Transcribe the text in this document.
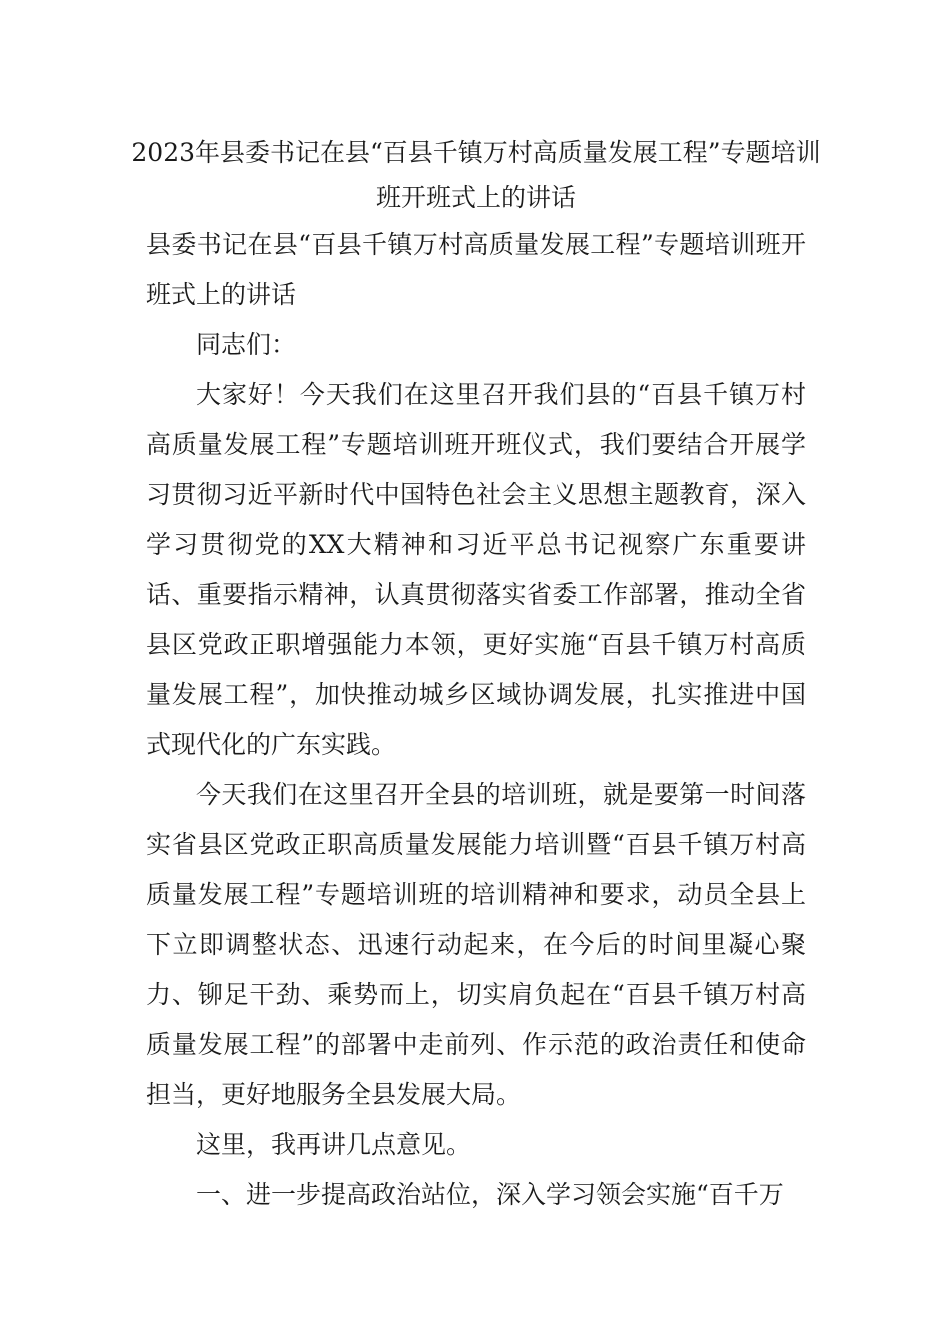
2023年县委书记在县“百县千镇万村高质量发展工程”专题培训班开班式上的讲话

县委书记在县“百县千镇万村高质量发展工程”专题培训班开班式上的讲话

同志们：

大家好！今天我们在这里召开我们县的“百县千镇万村高质量发展工程”专题培训班开班仪式，我们要结合开展学习贯彻习近平新时代中国特色社会主义思想主题教育，深入学习贯彻党的XX大精神和习近平总书记视察广东重要讲话、重要指示精神，认真贯彻落实省委工作部署，推动全省县区党政正职增强能力本领，更好实施“百县千镇万村高质量发展工程”，加快推动城乡区域协调发展，扎实推进中国式现代化的广东实践。

今天我们在这里召开全县的培训班，就是要第一时间落实省县区党政正职高质量发展能力培训暨“百县千镇万村高质量发展工程”专题培训班的培训精神和要求，动员全县上下立即调整状态、迅速行动起来，在今后的时间里凝心聚力、铆足干劲、乘势而上，切实肩负起在“百县千镇万村高质量发展工程”的部署中走前列、作示范的政治责任和使命担当，更好地服务全县发展大局。

这里，我再讲几点意见。

一、进一步提高政治站位，深入学习领会实施“百千万
